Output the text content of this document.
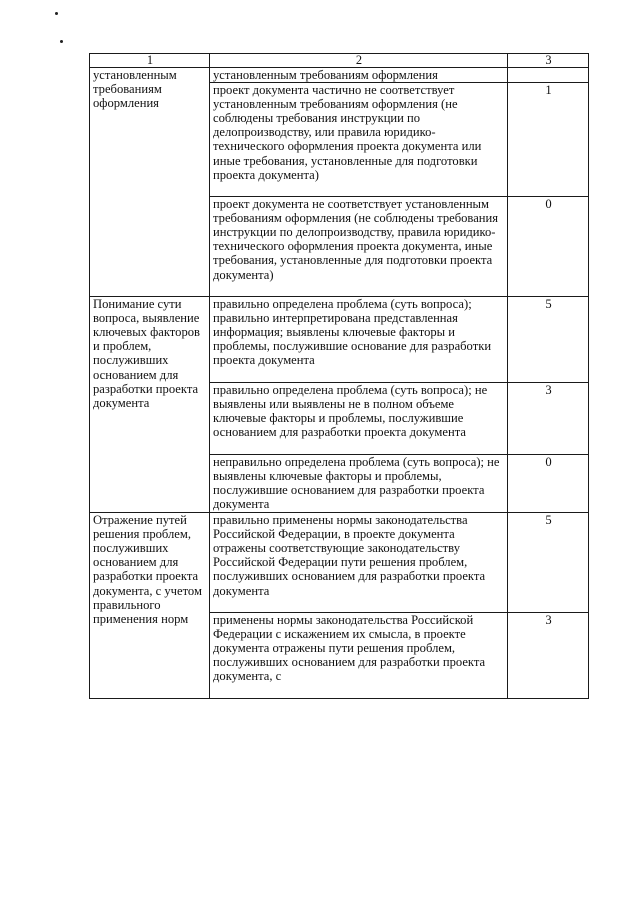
1	2	3
установленным требованиям оформления	установленным требованиям оформления	
	проект документа частично не соответствует установленным требованиям оформления (не соблюдены требования инструкции по делопроизводству, или правила юридико-технического оформления проекта документа или иные требования, установленные для подготовки проекта документа)	1
	проект документа не соответствует установленным требованиям оформления (не соблюдены требования инструкции по делопроизводству, правила юридико-технического оформления проекта документа, иные требования, установленные для подготовки проекта документа)	0
Понимание сути вопроса, выявление ключевых факторов и проблем, послуживших основанием для разработки проекта документа	правильно определена проблема (суть вопроса); правильно интерпретирована представленная информация; выявлены ключевые факторы и проблемы, послужившие основание для разработки проекта документа	5
	правильно определена проблема (суть вопроса); не выявлены или выявлены не в полном объеме ключевые факторы и проблемы, послужившие основанием для разработки проекта документа	3
	неправильно определена проблема (суть вопроса); не выявлены ключевые факторы и проблемы, послужившие основанием для разработки проекта документа	0
Отражение путей решения проблем, послуживших основанием для разработки проекта документа, с учетом правильного применения норм	правильно применены нормы законодательства Российской Федерации, в проекте документа отражены соответствующие законодательству Российской Федерации пути решения проблем, послуживших основанием для разработки проекта документа	5
	применены нормы законодательства Российской Федерации с искажением их смысла, в проекте документа отражены пути решения проблем, послуживших основанием для разработки проекта документа, с	3
